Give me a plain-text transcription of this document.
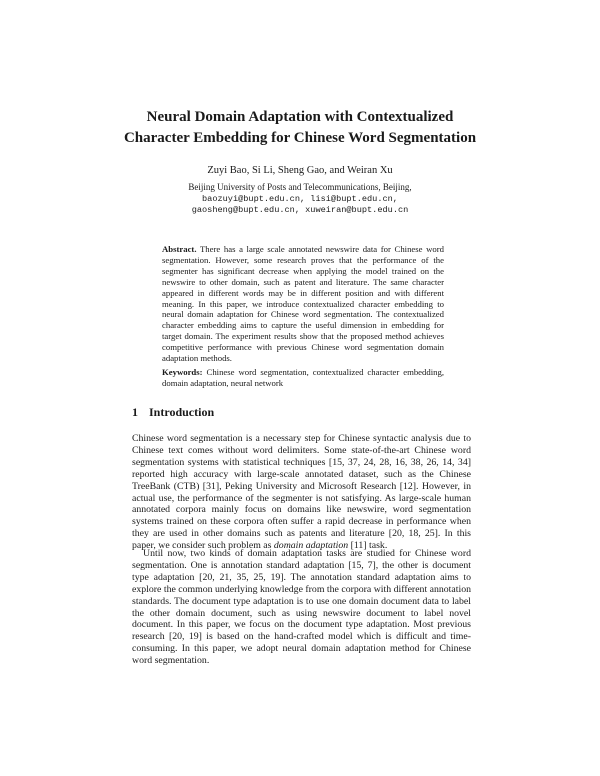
Neural Domain Adaptation with Contextualized
Character Embedding for Chinese Word Segmentation
Zuyi Bao, Si Li, Sheng Gao, and Weiran Xu
Beijing University of Posts and Telecommunications, Beijing,
baozuyi@bupt.edu.cn, lisi@bupt.edu.cn,
gaosheng@bupt.edu.cn, xuweiran@bupt.edu.cn
Abstract. There has a large scale annotated newswire data for Chinese word segmentation. However, some research proves that the performance of the segmenter has significant decrease when applying the model trained on the newswire to other domain, such as patent and literature. The same character appeared in different words may be in different position and with different meaning. In this paper, we introduce contextualized character embedding to neural domain adaptation for Chinese word segmentation. The contextualized character embedding aims to capture the useful dimension in embedding for target domain. The experiment results show that the proposed method achieves competitive performance with previous Chinese word segmentation domain adaptation methods.
Keywords: Chinese word segmentation, contextualized character embedding, domain adaptation, neural network
1 Introduction
Chinese word segmentation is a necessary step for Chinese syntactic analysis due to Chinese text comes without word delimiters. Some state-of-the-art Chinese word segmentation systems with statistical techniques [15, 37, 24, 28, 16, 38, 26, 14, 34] reported high accuracy with large-scale annotated dataset, such as the Chinese TreeBank (CTB) [31], Peking University and Microsoft Research [12]. However, in actual use, the performance of the segmenter is not satisfying. As large-scale human annotated corpora mainly focus on domains like newswire, word segmentation systems trained on these corpora often suffer a rapid decrease in performance when they are used in other domains such as patents and literature [20, 18, 25]. In this paper, we consider such problem as domain adaptation [11] task.
Until now, two kinds of domain adaptation tasks are studied for Chinese word segmentation. One is annotation standard adaptation [15, 7], the other is document type adaptation [20, 21, 35, 25, 19]. The annotation standard adaptation aims to explore the common underlying knowledge from the corpora with different annotation standards. The document type adaptation is to use one domain document data to label the other domain document, such as using newswire document to label novel document. In this paper, we focus on the document type adaptation. Most previous research [20, 19] is based on the hand-crafted model which is difficult and time-consuming. In this paper, we adopt neural domain adaptation method for Chinese word segmentation.
